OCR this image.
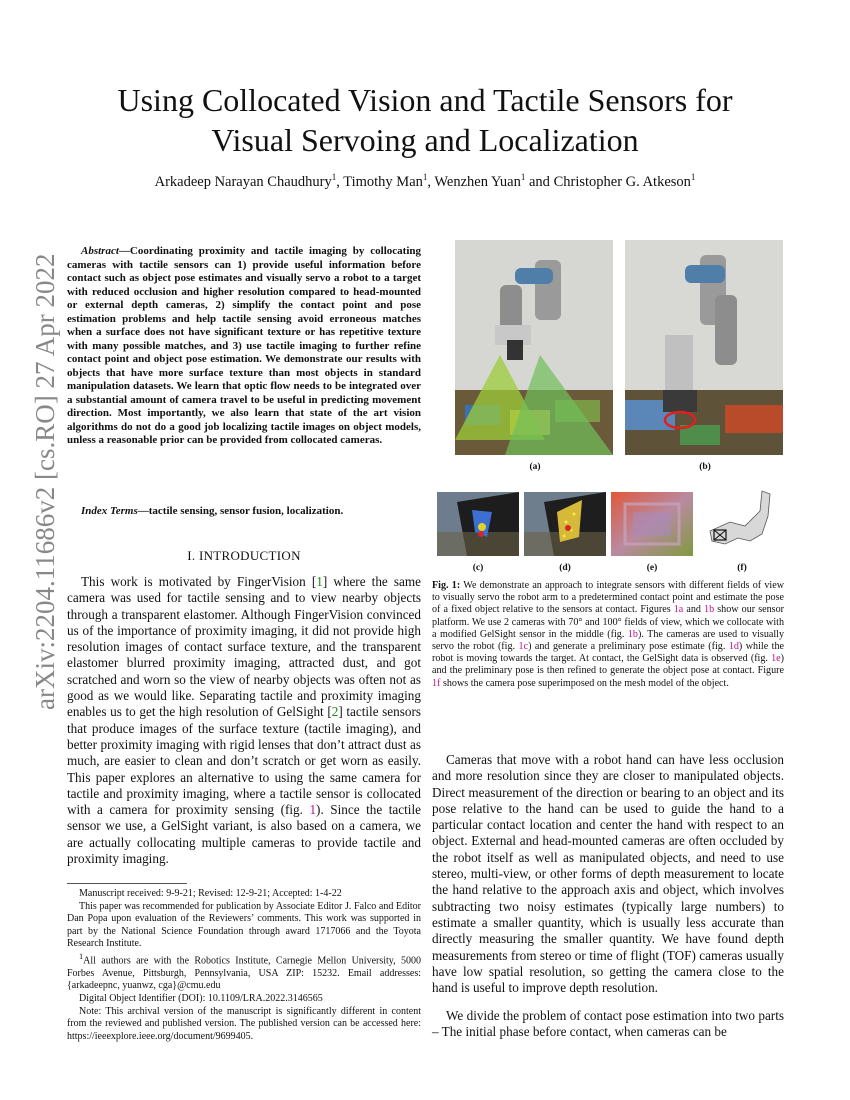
arXiv:2204.11686v2 [cs.RO] 27 Apr 2022
Using Collocated Vision and Tactile Sensors for
Visual Servoing and Localization
Arkadeep Narayan Chaudhury$^1$, Timothy Man$^1$, Wenzhen Yuan$^1$ and Christopher G. Atkeson$^1$
Abstract—Coordinating proximity and tactile imaging by collocating cameras with tactile sensors can 1) provide useful information before contact such as object pose estimates and visually servo a robot to a target with reduced occlusion and higher resolution compared to head-mounted or external depth cameras, 2) simplify the contact point and pose estimation problems and help tactile sensing avoid erroneous matches when a surface does not have significant texture or has repetitive texture with many possible matches, and 3) use tactile imaging to further refine contact point and object pose estimation. We demonstrate our results with objects that have more surface texture than most objects in standard manipulation datasets. We learn that optic flow needs to be integrated over a substantial amount of camera travel to be useful in predicting movement direction. Most importantly, we also learn that state of the art vision algorithms do not do a good job localizing tactile images on object models, unless a reasonable prior can be provided from collocated cameras.
Index Terms—tactile sensing, sensor fusion, localization.
I. INTRODUCTION
This work is motivated by FingerVision [1] where the same camera was used for tactile sensing and to view nearby objects through a transparent elastomer. Although FingerVision convinced us of the importance of proximity imaging, it did not provide high resolution images of contact surface texture, and the transparent elastomer blurred proximity imaging, attracted dust, and got scratched and worn so the view of nearby objects was often not as good as we would like. Separating tactile and proximity imaging enables us to get the high resolution of GelSight [2] tactile sensors that produce images of the surface texture (tactile imaging), and better proximity imaging with rigid lenses that don’t attract dust as much, are easier to clean and don’t scratch or get worn as easily. This paper explores an alternative to using the same camera for tactile and proximity imaging, where a tactile sensor is collocated with a camera for proximity sensing (fig. 1). Since the tactile sensor we use, a GelSight variant, is also based on a camera, we are actually collocating multiple cameras to provide tactile and proximity imaging.

Manuscript received: 9-9-21; Revised: 12-9-21; Accepted: 1-4-22

This paper was recommended for publication by Associate Editor J. Falco and Editor Dan Popa upon evaluation of the Reviewers’ comments. This work was supported in part by the National Science Foundation through award 1717066 and the Toyota Research Institute.

$^1$All authors are with the Robotics Institute, Carnegie Mellon University, 5000 Forbes Avenue, Pittsburgh, Pennsylvania, USA ZIP: 15232. Email addresses: {arkadeepnc, yuanwz, cga}@cmu.edu

Digital Object Identifier (DOI): 10.1109/LRA.2022.3146565

Note: This archival version of the manuscript is significantly different in content from the reviewed and published version. The published version can be accessed here: https://ieeexplore.ieee.org/document/9699405.

(a)	(b)
(c)	(d)	(e)	(f)
Fig. 1: We demonstrate an approach to integrate sensors with different fields of view to visually servo the robot arm to a predetermined contact point and estimate the pose of a fixed object relative to the sensors at contact. Figures 1a and 1b show our sensor platform. We use 2 cameras with 70° and 100° fields of view, which we collocate with a modified GelSight sensor in the middle (fig. 1b). The cameras are used to visually servo the robot (fig. 1c) and generate a preliminary pose estimate (fig. 1d) while the robot is moving towards the target. At contact, the GelSight data is observed (fig. 1e) and the preliminary pose is then refined to generate the object pose at contact. Figure 1f shows the camera pose superimposed on the mesh model of the object.
Cameras that move with a robot hand can have less occlusion and more resolution since they are closer to manipulated objects. Direct measurement of the direction or bearing to an object and its pose relative to the hand can be used to guide the hand to a particular contact location and center the hand with respect to an object. External and head-mounted cameras are often occluded by the robot itself as well as manipulated objects, and need to use stereo, multi-view, or other forms of depth measurement to locate the hand relative to the approach axis and object, which involves subtracting two noisy estimates (typically large numbers) to estimate a smaller quantity, which is usually less accurate than directly measuring the smaller quantity. We have found depth measurements from stereo or time of flight (TOF) cameras usually have low spatial resolution, so getting the camera close to the hand is useful to improve depth resolution.
We divide the problem of contact pose estimation into two parts – The initial phase before contact, when cameras can be
